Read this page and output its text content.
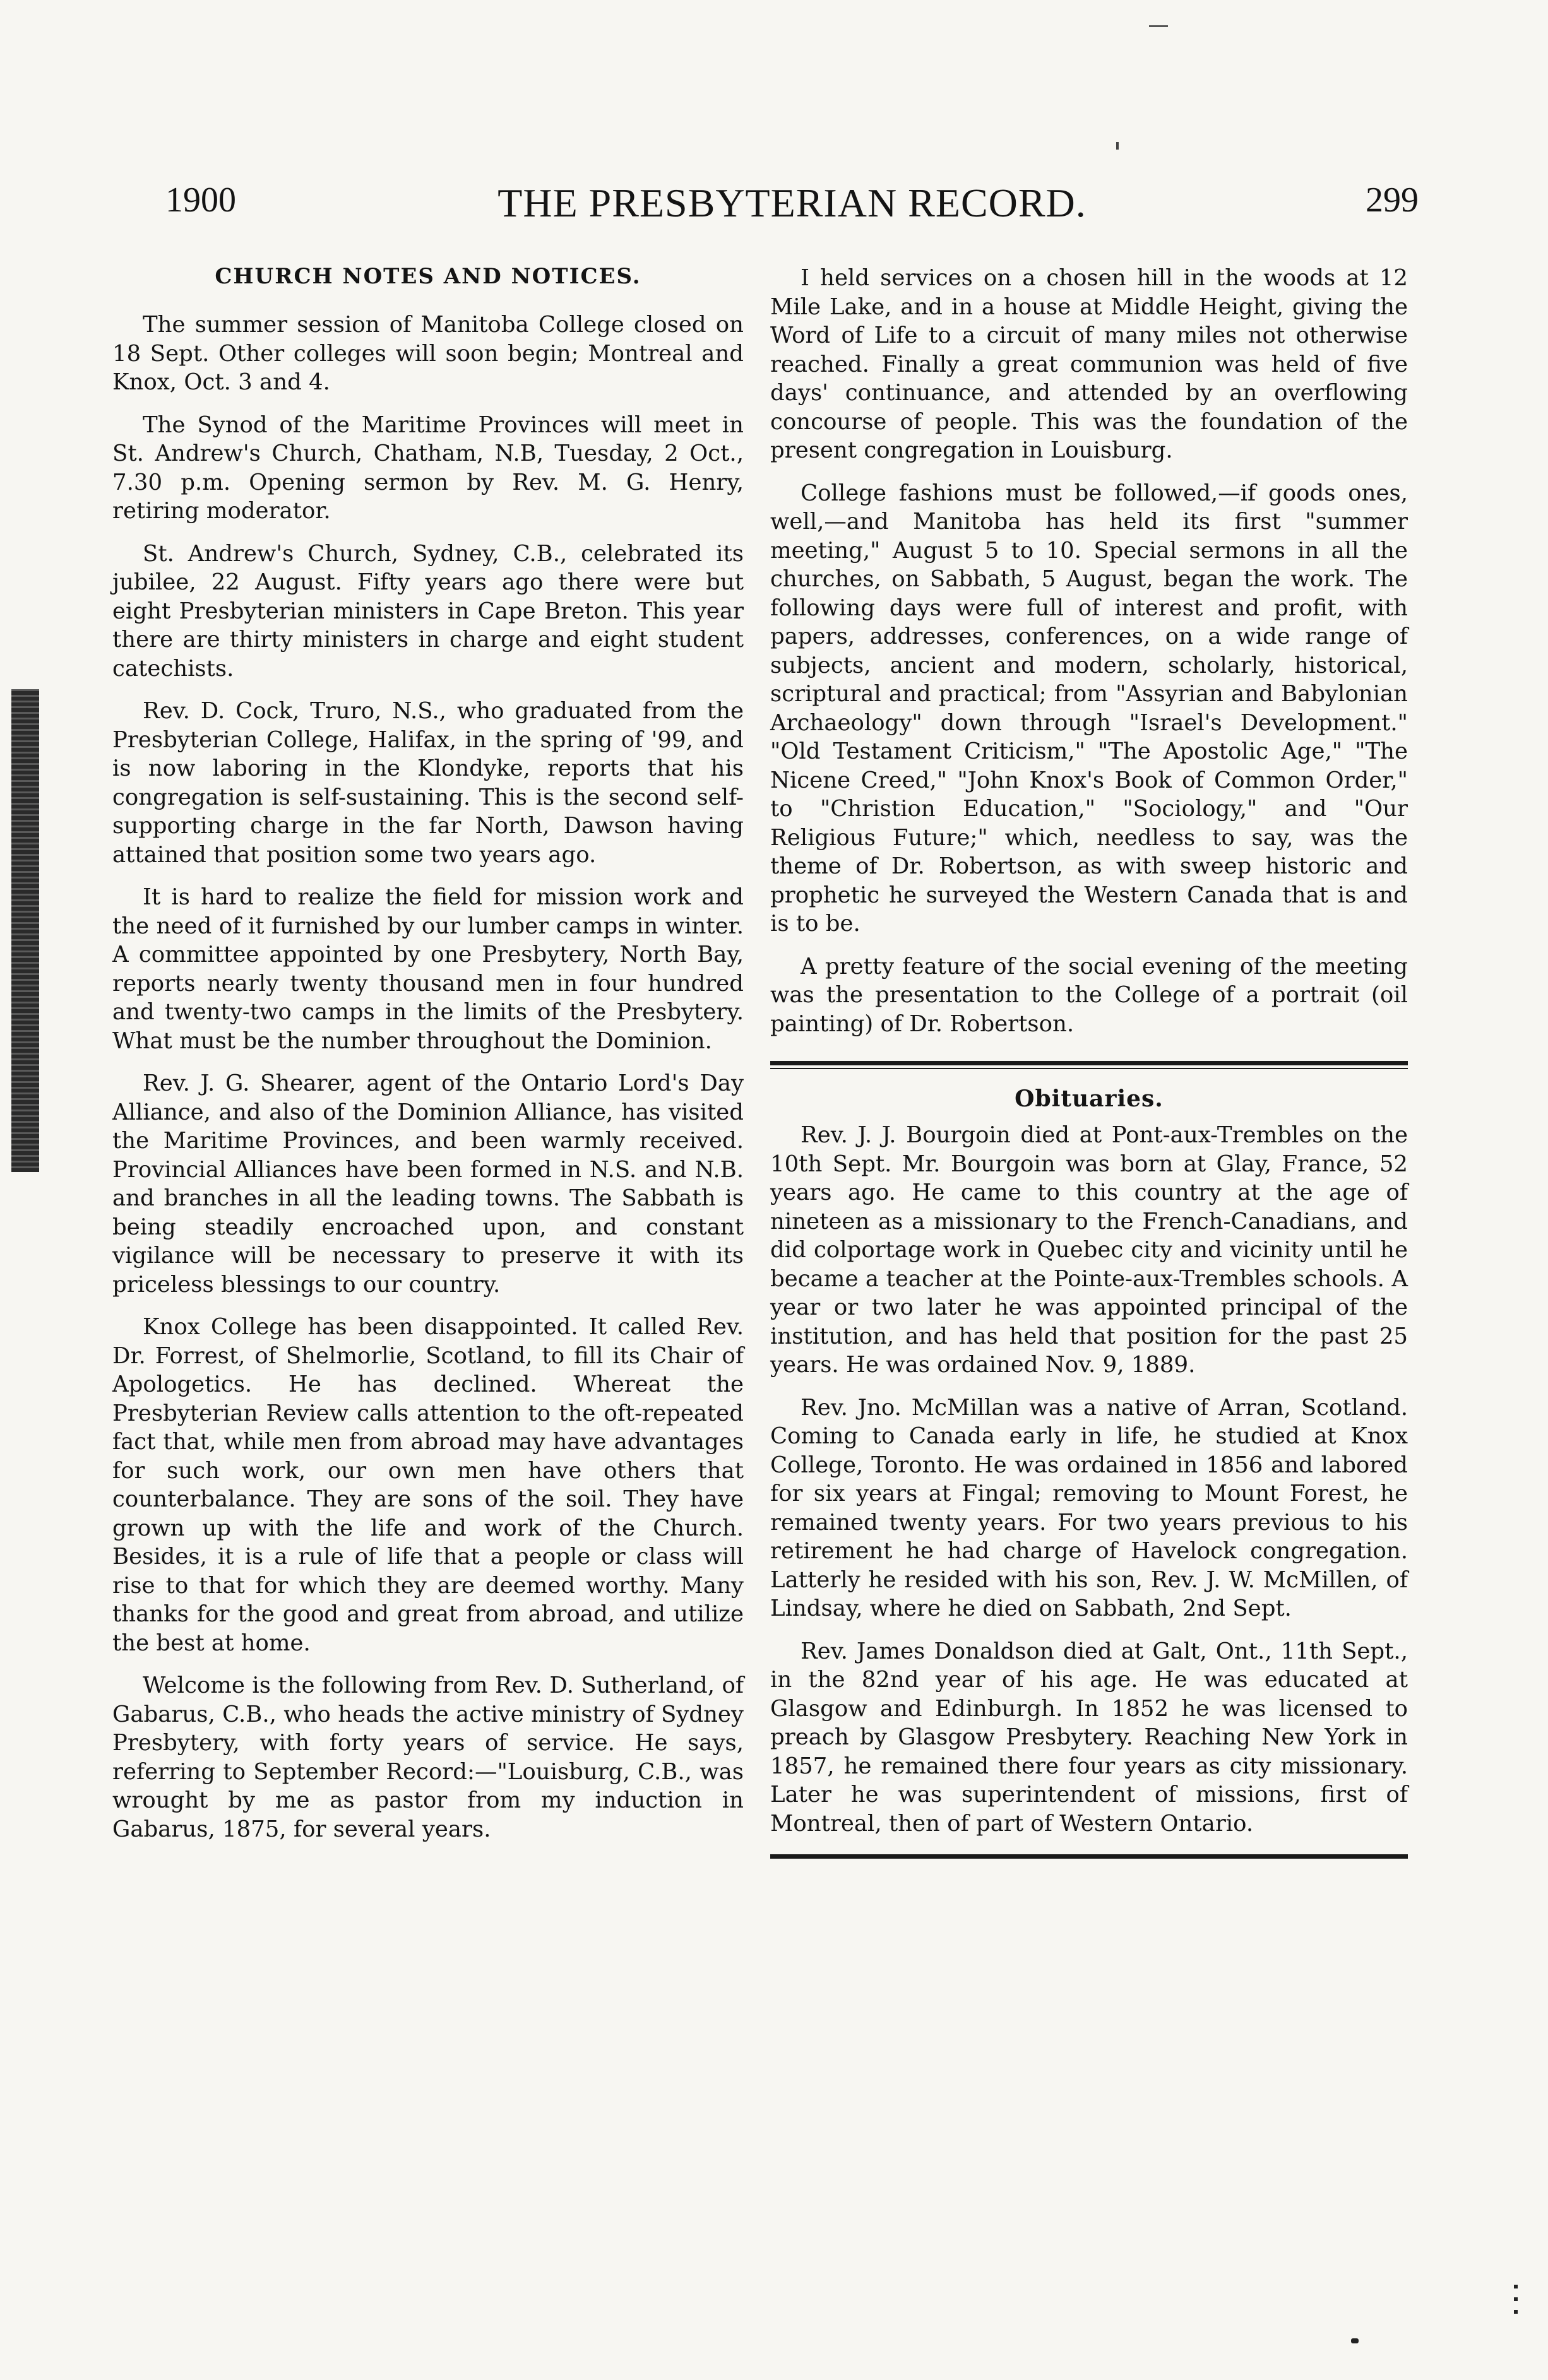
1900	THE PRESBYTERIAN RECORD.	299
CHURCH NOTES AND NOTICES.

The summer session of Manitoba College closed on 18 Sept. Other colleges will soon begin; Montreal and Knox, Oct. 3 and 4.

The Synod of the Maritime Provinces will meet in St. Andrew's Church, Chatham, N.B, Tuesday, 2 Oct., 7.30 p.m. Opening sermon by Rev. M. G. Henry, retiring moderator.

St. Andrew's Church, Sydney, C.B., celebrated its jubilee, 22 August. Fifty years ago there were but eight Presbyterian ministers in Cape Breton. This year there are thirty ministers in charge and eight student catechists.

Rev. D. Cock, Truro, N.S., who graduated from the Presbyterian College, Halifax, in the spring of '99, and is now laboring in the Klondyke, reports that his congregation is self-sustaining. This is the second self-supporting charge in the far North, Dawson having attained that position some two years ago.

It is hard to realize the field for mission work and the need of it furnished by our lumber camps in winter. A committee appointed by one Presbytery, North Bay, reports nearly twenty thousand men in four hundred and twenty-two camps in the limits of the Presbytery. What must be the number throughout the Dominion.

Rev. J. G. Shearer, agent of the Ontario Lord's Day Alliance, and also of the Dominion Alliance, has visited the Maritime Provinces, and been warmly received. Provincial Alliances have been formed in N.S. and N.B. and branches in all the leading towns. The Sabbath is being steadily encroached upon, and constant vigilance will be necessary to preserve it with its priceless blessings to our country.

Knox College has been disappointed. It called Rev. Dr. Forrest, of Shelmorlie, Scotland, to fill its Chair of Apologetics. He has declined. Whereat the Presbyterian Review calls attention to the oft-repeated fact that, while men from abroad may have advantages for such work, our own men have others that counterbalance. They are sons of the soil. They have grown up with the life and work of the Church. Besides, it is a rule of life that a people or class will rise to that for which they are deemed worthy. Many thanks for the good and great from abroad, and utilize the best at home.

Welcome is the following from Rev. D. Sutherland, of Gabarus, C.B., who heads the active ministry of Sydney Presbytery, with forty years of service. He says, referring to September Record:—"Louisburg, C.B., was wrought by me as pastor from my induction in Gabarus, 1875, for several years.

I held services on a chosen hill in the woods at 12 Mile Lake, and in a house at Middle Height, giving the Word of Life to a circuit of many miles not otherwise reached. Finally a great communion was held of five days' continuance, and attended by an overflowing concourse of people. This was the foundation of the present congregation in Louisburg.

College fashions must be followed,—if goods ones, well,—and Manitoba has held its first "summer meeting," August 5 to 10. Special sermons in all the churches, on Sabbath, 5 August, began the work. The following days were full of interest and profit, with papers, addresses, conferences, on a wide range of subjects, ancient and modern, scholarly, historical, scriptural and practical; from "Assyrian and Babylonian Archaeology" down through "Israel's Development." "Old Testament Criticism," "The Apostolic Age," "The Nicene Creed," "John Knox's Book of Common Order," to "Christion Education," "Sociology," and "Our Religious Future;" which, needless to say, was the theme of Dr. Robertson, as with sweep historic and prophetic he surveyed the Western Canada that is and is to be.

A pretty feature of the social evening of the meeting was the presentation to the College of a portrait (oil painting) of Dr. Robertson.

Obituaries.

Rev. J. J. Bourgoin died at Pont-aux-Trembles on the 10th Sept. Mr. Bourgoin was born at Glay, France, 52 years ago. He came to this country at the age of nineteen as a missionary to the French-Canadians, and did colportage work in Quebec city and vicinity until he became a teacher at the Pointe-aux-Trembles schools. A year or two later he was appointed principal of the institution, and has held that position for the past 25 years. He was ordained Nov. 9, 1889.

Rev. Jno. McMillan was a native of Arran, Scotland. Coming to Canada early in life, he studied at Knox College, Toronto. He was ordained in 1856 and labored for six years at Fingal; removing to Mount Forest, he remained twenty years. For two years previous to his retirement he had charge of Havelock congregation. Latterly he resided with his son, Rev. J. W. McMillen, of Lindsay, where he died on Sabbath, 2nd Sept.

Rev. James Donaldson died at Galt, Ont., 11th Sept., in the 82nd year of his age. He was educated at Glasgow and Edinburgh. In 1852 he was licensed to preach by Glasgow Presbytery. Reaching New York in 1857, he remained there four years as city missionary. Later he was superintendent of missions, first of Montreal, then of part of Western Ontario.
